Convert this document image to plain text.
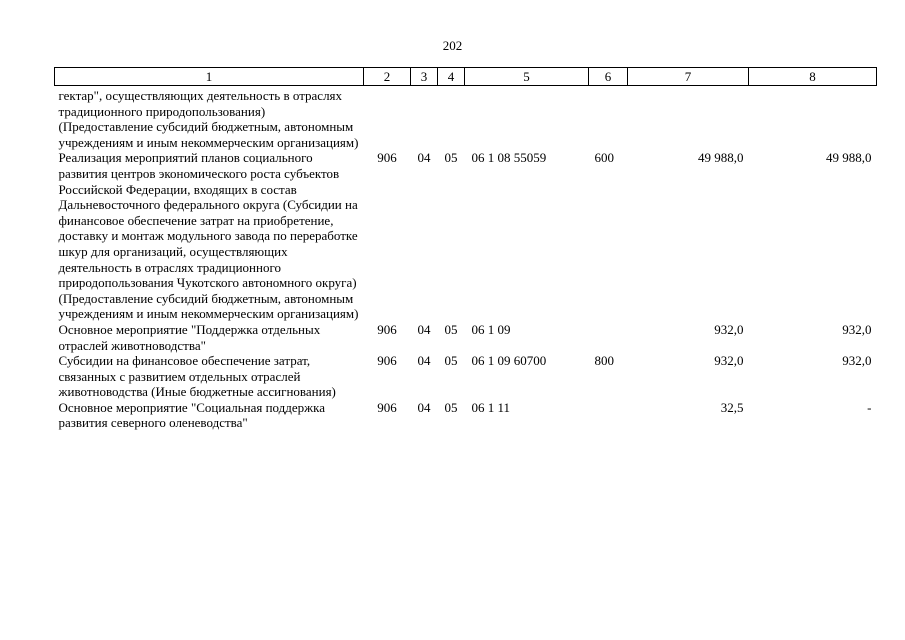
202
1	2	3	4	5	6	7	8
гектар", осуществляющих деятельность в отраслях традиционного природопользования) (Предоставление субсидий бюджетным, автономным учреждениям и иным некоммерческим организациям)							
Реализация мероприятий планов социального развития центров экономического роста субъектов Российской Федерации, входящих в состав Дальневосточного федерального округа (Субсидии на финансовое обеспечение затрат на приобретение, доставку и монтаж модульного завода по переработке шкур для организаций, осуществляющих деятельность в отраслях традиционного природопользования Чукотского автономного округа) (Предоставление субсидий бюджетным, автономным учреждениям и иным некоммерческим организациям)	906	04	05	06 1 08 55059	600	49 988,0	49 988,0
Основное мероприятие "Поддержка отдельных отраслей животноводства"	906	04	05	06 1 09		932,0	932,0
Субсидии на финансовое обеспечение затрат, связанных с развитием отдельных отраслей животноводства (Иные бюджетные ассигнования)	906	04	05	06 1 09 60700	800	932,0	932,0
Основное мероприятие "Социальная поддержка развития северного оленеводства"	906	04	05	06 1 11		32,5	-
